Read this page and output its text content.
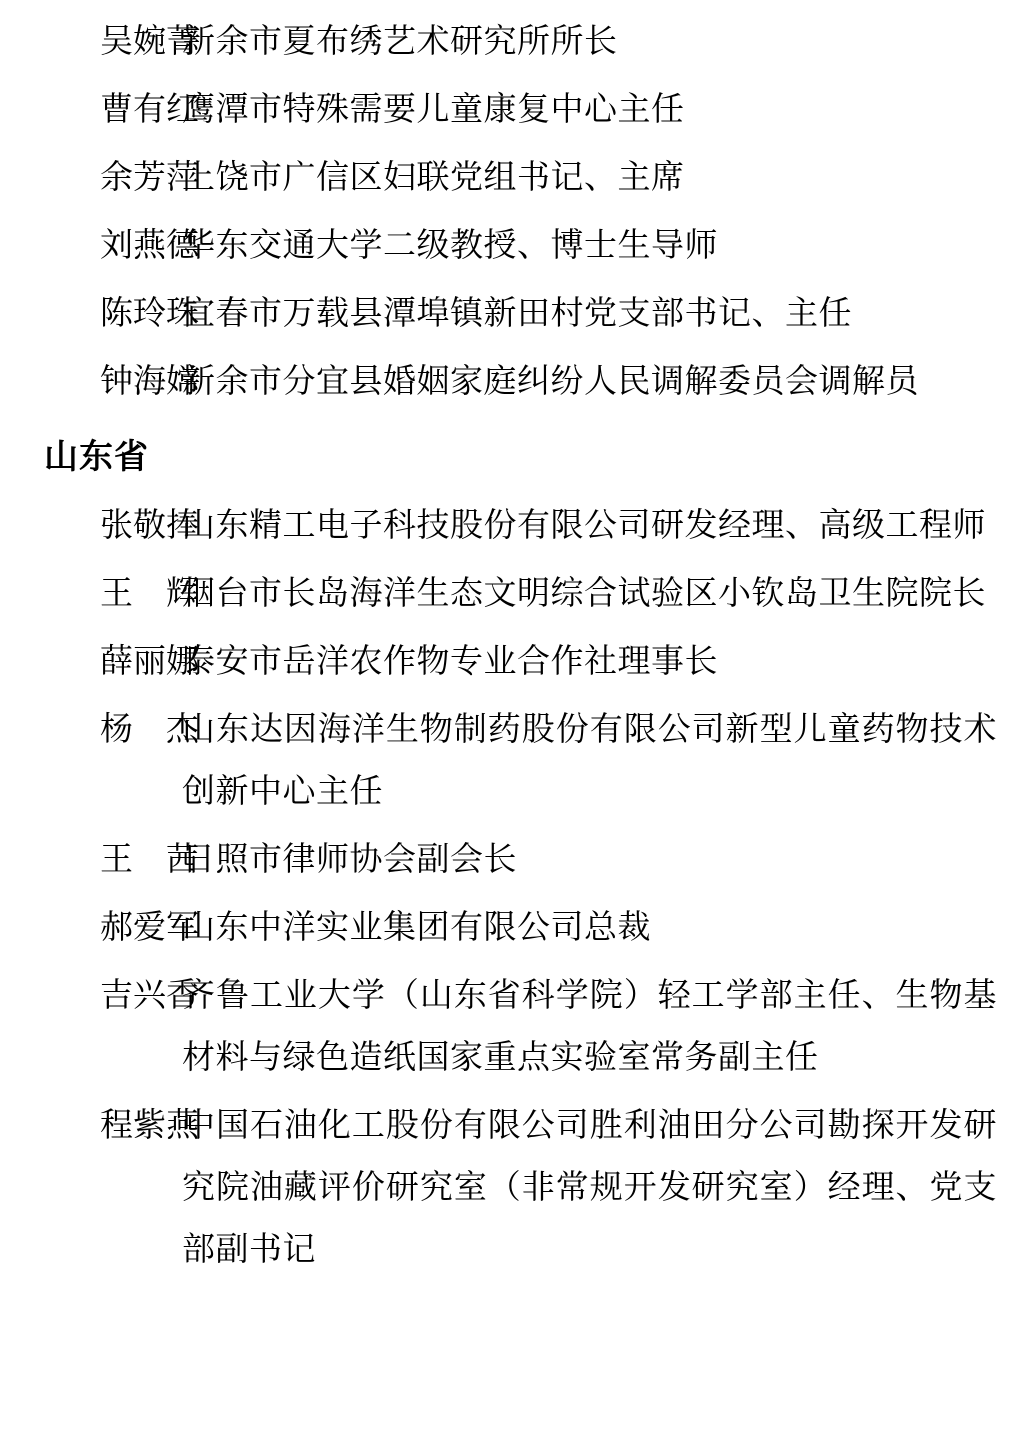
吴婉菁
新余市夏布绣艺术研究所所长
曹有红
鹰潭市特殊需要儿童康复中心主任
余芳萍
上饶市广信区妇联党组书记、主席
刘燕德
华东交通大学二级教授、博士生导师
陈玲珠
宜春市万载县潭埠镇新田村党支部书记、主任
钟海嫦
新余市分宜县婚姻家庭纠纷人民调解委员会调解员
山东省
张敬捧
山东精工电子科技股份有限公司研发经理、高级工程师
王　辉
烟台市长岛海洋生态文明综合试验区小钦岛卫生院院长
薛丽娜
泰安市岳洋农作物专业合作社理事长
杨　杰
山东达因海洋生物制药股份有限公司新型儿童药物技术创新中心主任
王　茜
日照市律师协会副会长
郝爱军
山东中洋实业集团有限公司总裁
吉兴香
齐鲁工业大学（山东省科学院）轻工学部主任、生物基材料与绿色造纸国家重点实验室常务副主任
程紫燕
中国石油化工股份有限公司胜利油田分公司勘探开发研究院油藏评价研究室（非常规开发研究室）经理、党支部副书记
